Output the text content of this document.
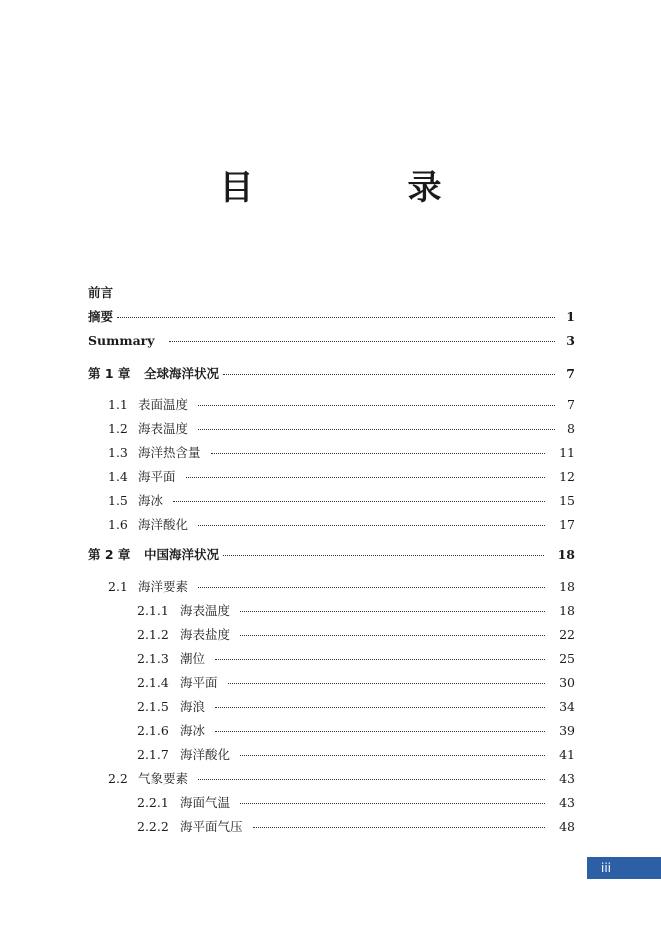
目　录
前言
摘要	1
Summary	3
第 1 章	全球海洋状况	7
1.1 表面温度	7
1.2 海表温度	8
1.3 海洋热含量	11
1.4 海平面	12
1.5 海冰	15
1.6 海洋酸化	17
第 2 章	中国海洋状况	18
2.1 海洋要素	18
2.1.1 海表温度	18
2.1.2 海表盐度	22
2.1.3 潮位	25
2.1.4 海平面	30
2.1.5 海浪	34
2.1.6 海冰	39
2.1.7 海洋酸化	41
2.2 气象要素	43
2.2.1 海面气温	43
2.2.2 海平面气压	48
iii
